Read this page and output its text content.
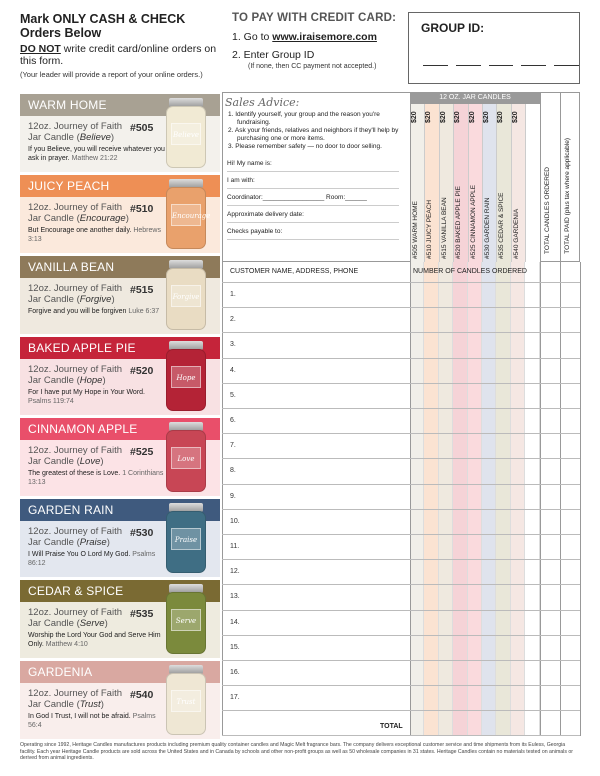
Mark ONLY CASH & CHECK
Orders Below
DO NOT write credit card/online orders on this form.
(Your leader will provide a report of your online orders.)
TO PAY WITH CREDIT CARD:
1. Go to www.iraisemore.com
2. Enter Group ID
(If none, then CC payment not accepted.)
GROUP ID:
WARM HOME
12oz. Journey of Faith
Jar Candle (Believe)
#505
If you Believe, you will receive whatever you ask in prayer. Matthew 21:22
Believe
JUICY PEACH
12oz. Journey of Faith
Jar Candle (Encourage)
#510
But Encourage one another daily. Hebrews 3:13
Encourage
VANILLA BEAN
12oz. Journey of Faith
Jar Candle (Forgive)
#515
Forgive and you will be forgiven Luke 6:37
Forgive
BAKED APPLE PIE
12oz. Journey of Faith
Jar Candle (Hope)
#520
For I have put My Hope in Your Word. Psalms 119:74
Hope
CINNAMON APPLE
12oz. Journey of Faith
Jar Candle (Love)
#525
The greatest of these is Love. 1 Corinthians 13:13
Love
GARDEN RAIN
12oz. Journey of Faith
Jar Candle (Praise)
#530
I Will Praise You O Lord My God. Psalms 86:12
Praise
CEDAR & SPICE
12oz. Journey of Faith
Jar Candle (Serve)
#535
Worship the Lord Your God and Serve Him Only. Matthew 4:10
Serve
GARDENIA
12oz. Journey of Faith
Jar Candle (Trust)
#540
In God I Trust, I will not be afraid. Psalms 56:4
Trust
Sales Advice:
1. Identify yourself, your group and the reason you're fundraising.
2. Ask your friends, relatives and neighbors if they'll help by purchasing one or more items.
3. Please remember safety — no door to door selling.
Hi! My name is:
I am with:
Coordinator:_________________ Room:______
Approximate delivery date:
Checks payable to:
$20
#505 WARM HOME
$20
#510 JUICY PEACH
$20
#515 VANILLA BEAN
$20
#520 BAKED APPLE PIE
$20
#525 CINNAMON APPLE
$20
#530 GARDEN RAIN
$20
#535 CEDAR & SPICE
$20
#540 GARDENIA
12 OZ. JAR CANDLES
TOTAL CANDLES ORDERED TOTAL PAID (plus tax where applicable)
1.
2.
3.
4.
5.
6.
7.
8.
9.
10.
11.
12.
13.
14.
15.
16.
17.
CUSTOMER NAME, ADDRESS, PHONE	NUMBER OF CANDLES ORDERED
TOTAL
Operating since 1992, Heritage Candles manufactures products including premium quality container candles and Magic Melt fragrance bars. The company delivers exceptional customer service and time shipments from its Euless, Georgia facility. Each year Heritage Candle products are sold across the United States and in Canada by schools and other non-profit groups as well as 50 wholesale companies in 31 states. Heritage Candles contain no materials tested on animals or derived from animal ingredients.
